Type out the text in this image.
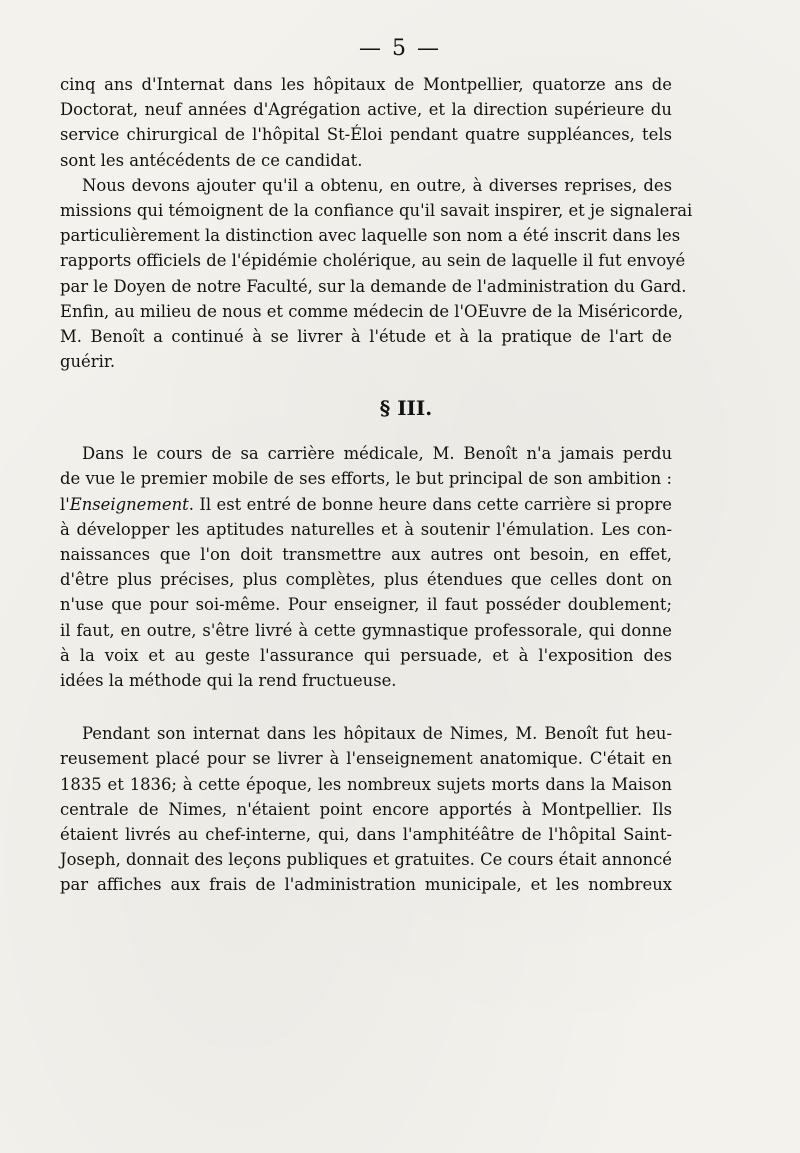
— 5 —
cinq ans d'Internat dans les hôpitaux de Montpellier, quatorze ans de
Doctorat, neuf années d'Agrégation active, et la direction supérieure du
service chirurgical de l'hôpital St-Éloi pendant quatre suppléances, tels
sont les antécédents de ce candidat.
Nous devons ajouter qu'il a obtenu, en outre, à diverses reprises, des
missions qui témoignent de la confiance qu'il savait inspirer, et je signalerai
particulièrement la distinction avec laquelle son nom a été inscrit dans les
rapports officiels de l'épidémie cholérique, au sein de laquelle il fut envoyé
par le Doyen de notre Faculté, sur la demande de l'administration du Gard.
Enfin, au milieu de nous et comme médecin de l'OEuvre de la Miséricorde,
M. Benoît a continué à se livrer à l'étude et à la pratique de l'art de
guérir.
§ III.
Dans le cours de sa carrière médicale, M. Benoît n'a jamais perdu
de vue le premier mobile de ses efforts, le but principal de son ambition :
l'Enseignement. Il est entré de bonne heure dans cette carrière si propre
à développer les aptitudes naturelles et à soutenir l'émulation. Les con-
naissances que l'on doit transmettre aux autres ont besoin, en effet,
d'être plus précises, plus complètes, plus étendues que celles dont on
n'use que pour soi-même. Pour enseigner, il faut posséder doublement;
il faut, en outre, s'être livré à cette gymnastique professorale, qui donne
à la voix et au geste l'assurance qui persuade, et à l'exposition des
idées la méthode qui la rend fructueuse.
Pendant son internat dans les hôpitaux de Nimes, M. Benoît fut heu-
reusement placé pour se livrer à l'enseignement anatomique. C'était en
1835 et 1836; à cette époque, les nombreux sujets morts dans la Maison
centrale de Nimes, n'étaient point encore apportés à Montpellier. Ils
étaient livrés au chef-interne, qui, dans l'amphitéâtre de l'hôpital Saint-
Joseph, donnait des leçons publiques et gratuites. Ce cours était annoncé
par affiches aux frais de l'administration municipale, et les nombreux
